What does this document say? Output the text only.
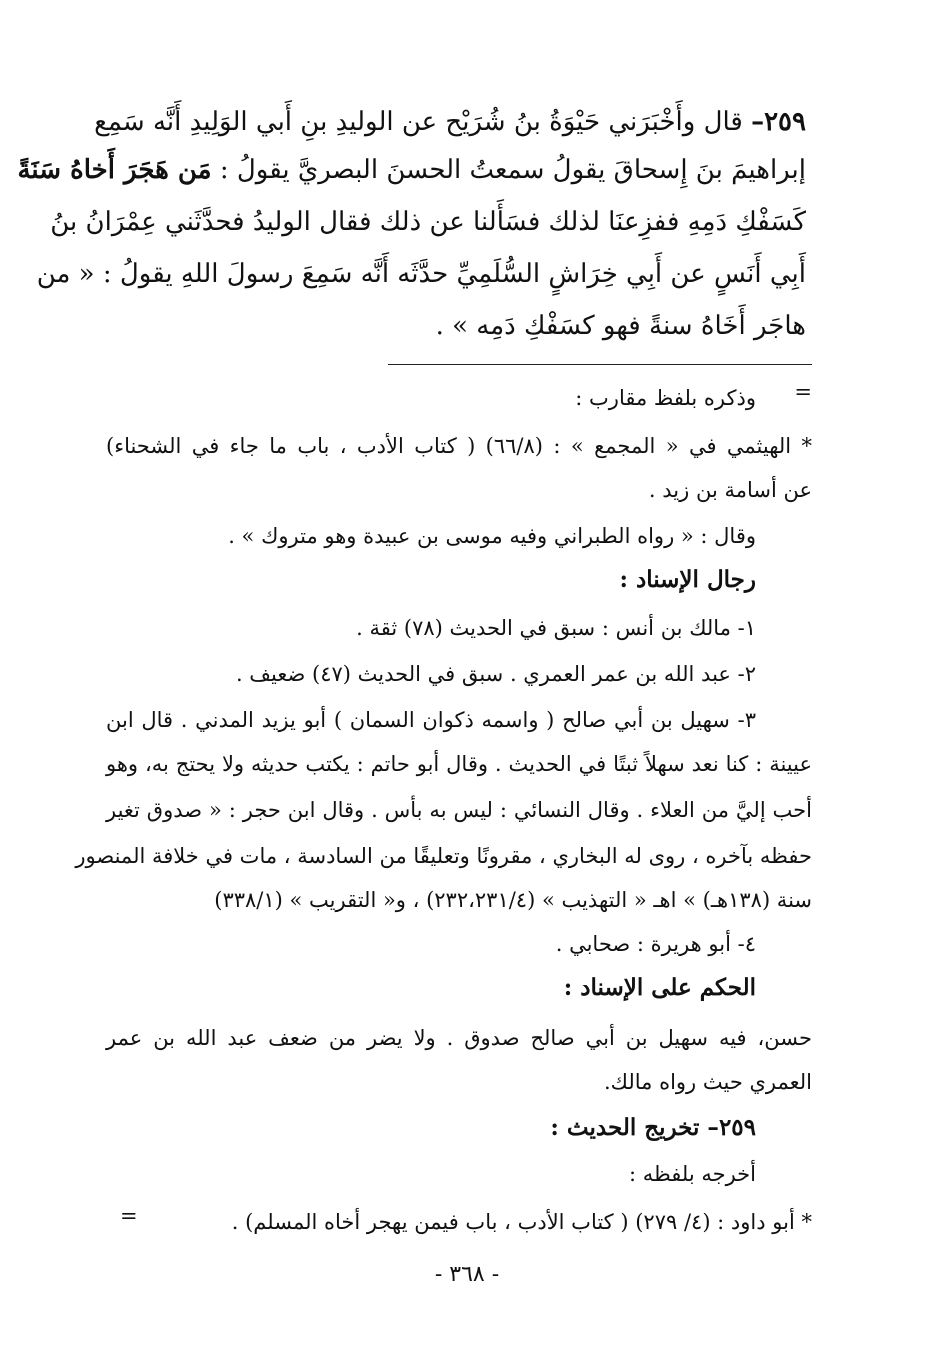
٢٥٩– قال وأَخْبَرَني حَيْوَةُ بنُ شُرَيْح عن الوليدِ بنِ أَبي الوَلِيدِ أَنَّه سَمِع
إبراهيمَ بنَ إِسحاقَ يقولُ سمعتُ الحسنَ البصريَّ يقولُ : مَن هَجَرَ أَخاهُ سَنَةً
كَسَفْكِ دَمِهِ ففزِعنَا لذلك فسَأَلنا عن ذلك فقال الوليدُ فحدَّثَني عِمْرَانُ بنُ
أَبِي أَنَسٍ عن أَبِي خِرَاشٍ السُّلَمِيِّ حدَّثَه أَنَّه سَمِعَ رسولَ اللهِ يقولُ : « من
هاجَر أَخَاهُ سنةً فهو كسَفْكِ دَمِه » .
=
وذكره بلفظ مقارب :
* الهيثمي في « المجمع » : (٦٦/٨) ( كتاب الأدب ، باب ما جاء في الشحناء)
عن أسامة بن زيد .
وقال : « رواه الطبراني وفيه موسى بن عبيدة وهو متروك » .
رجال الإسناد :
١- مالك بن أنس : سبق في الحديث (٧٨) ثقة .
٢- عبد الله بن عمر العمري . سبق في الحديث (٤٧) ضعيف .
٣- سهيل بن أبي صالح ( واسمه ذكوان السمان ) أبو يزيد المدني . قال ابن
عيينة : كنا نعد سهلاً ثبتًا في الحديث . وقال أبو حاتم : يكتب حديثه ولا يحتج به، وهو
أحب إليَّ من العلاء . وقال النسائي : ليس به بأس . وقال ابن حجر : « صدوق تغير
حفظه بآخره ، روى له البخاري ، مقرونًا وتعليقًا من السادسة ، مات في خلافة المنصور
سنة (١٣٨هـ) » اهـ « التهذيب » (٢٣٢،٢٣١/٤) ، و« التقريب » (٣٣٨/١)
٤- أبو هريرة : صحابي .
الحكم على الإسناد :
حسن، فيه سهيل بن أبي صالح صدوق . ولا يضر من ضعف عبد الله بن عمر
العمري حيث رواه مالك.
٢٥٩– تخريج الحديث :
أخرجه بلفظه :
* أبو داود : (٤/ ٢٧٩) ( كتاب الأدب ، باب فيمن يهجر أخاه المسلم) .
=
- ٣٦٨ -
